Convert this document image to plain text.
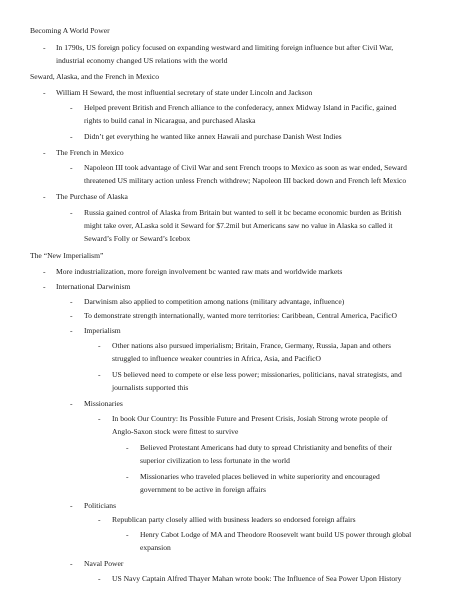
Becoming A World Power
- In 1790s, US foreign policy focused on expanding westward and limiting foreign influence but after Civil War,
industrial economy changed US relations with the world
Seward, Alaska, and the French in Mexico
- William H Seward, the most influential secretary of state under Lincoln and Jackson
- Helped prevent British and French alliance to the confederacy, annex Midway Island in Pacific, gained
rights to build canal in Nicaragua, and purchased Alaska
- Didn’t get everything he wanted like annex Hawaii and purchase Danish West Indies
- The French in Mexico
- Napoleon III took advantage of Civil War and sent French troops to Mexico as soon as war ended, Seward
threatened US military action unless French withdrew; Napoleon III backed down and French left Mexico
- The Purchase of Alaska
- Russia gained control of Alaska from Britain but wanted to sell it bc became economic burden as British
might take over, ALaska sold it Seward for $7.2mil but Americans saw no value in Alaska so called it
Seward’s Folly or Seward’s Icebox
The “New Imperialism”
- More industrialization, more foreign involvement bc wanted raw mats and worldwide markets
- International Darwinism
- Darwinism also applied to competition among nations (military advantage, influence)
- To demonstrate strength internationally, wanted more territories: Caribbean, Central America, PacificO
- Imperialism
- Other nations also pursued imperialism; Britain, France, Germany, Russia, Japan and others
struggled to influence weaker countries in Africa, Asia, and PacificO
- US believed need to compete or else less power; missionaries, politicians, naval strategists, and
journalists supported this
- Missionaries
- In book Our Country: Its Possible Future and Present Crisis, Josiah Strong wrote people of
Anglo-Saxon stock were fittest to survive
- Believed Protestant Americans had duty to spread Christianity and benefits of their
superior civilization to less fortunate in the world
- Missionaries who traveled places believed in white superiority and encouraged
government to be active in foreign affairs
- Politicians
- Republican party closely allied with business leaders so endorsed foreign affairs
- Henry Cabot Lodge of MA and Theodore Roosevelt want build US power through global
expansion
- Naval Power
- US Navy Captain Alfred Thayer Mahan wrote book: The Influence of Sea Power Upon History
